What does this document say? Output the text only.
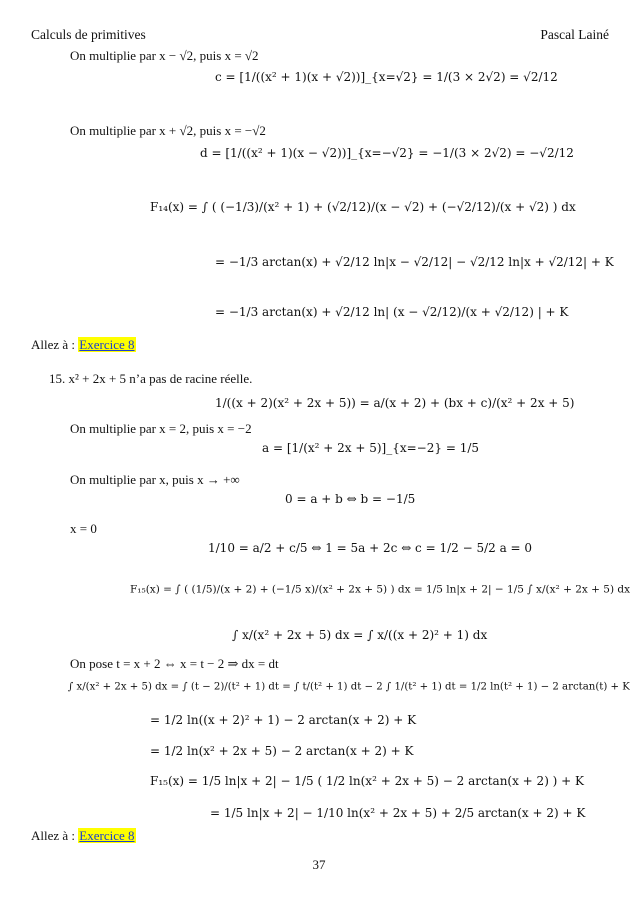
Calculs de primitives	Pascal Lainé
On multiplie par x − √2, puis x = √2
c = [1/((x² + 1)(x + √2))]_{x=√2} = 1/(3 × 2√2) = √2/12
On multiplie par x + √2, puis x = −√2
d = [1/((x² + 1)(x − √2))]_{x=−√2} = −1/(3 × 2√2) = −√2/12
F₁₄(x) = ∫ ( (−1/3)/(x² + 1) + (√2/12)/(x − √2) + (−√2/12)/(x + √2) ) dx
= −1/3 arctan(x) + √2/12 ln|x − √2/12| − √2/12 ln|x + √2/12| + K
= −1/3 arctan(x) + √2/12 ln| (x − √2/12)/(x + √2/12) | + K
Allez à : Exercice 8
15. x² + 2x + 5 n’a pas de racine réelle.
1/((x + 2)(x² + 2x + 5)) = a/(x + 2) + (bx + c)/(x² + 2x + 5)
On multiplie par x = 2, puis x = −2
a = [1/(x² + 2x + 5)]_{x=−2} = 1/5
On multiplie par x, puis x → +∞
0 = a + b ⇔ b = −1/5
x = 0
1/10 = a/2 + c/5 ⇔ 1 = 5a + 2c ⇔ c = 1/2 − 5/2 a = 0
F₁₅(x) = ∫ ( (1/5)/(x + 2) + (−1/5 x)/(x² + 2x + 5) ) dx = 1/5 ln|x + 2| − 1/5 ∫ x/(x² + 2x + 5) dx
∫ x/(x² + 2x + 5) dx = ∫ x/((x + 2)² + 1) dx
On pose t = x + 2 ⇔ x = t − 2 ⇒ dx = dt
∫ x/(x² + 2x + 5) dx = ∫ (t − 2)/(t² + 1) dt = ∫ t/(t² + 1) dt − 2 ∫ 1/(t² + 1) dt = 1/2 ln(t² + 1) − 2 arctan(t) + K
= 1/2 ln((x + 2)² + 1) − 2 arctan(x + 2) + K
= 1/2 ln(x² + 2x + 5) − 2 arctan(x + 2) + K
F₁₅(x) = 1/5 ln|x + 2| − 1/5 ( 1/2 ln(x² + 2x + 5) − 2 arctan(x + 2) ) + K
= 1/5 ln|x + 2| − 1/10 ln(x² + 2x + 5) + 2/5 arctan(x + 2) + K
Allez à : Exercice 8
37
